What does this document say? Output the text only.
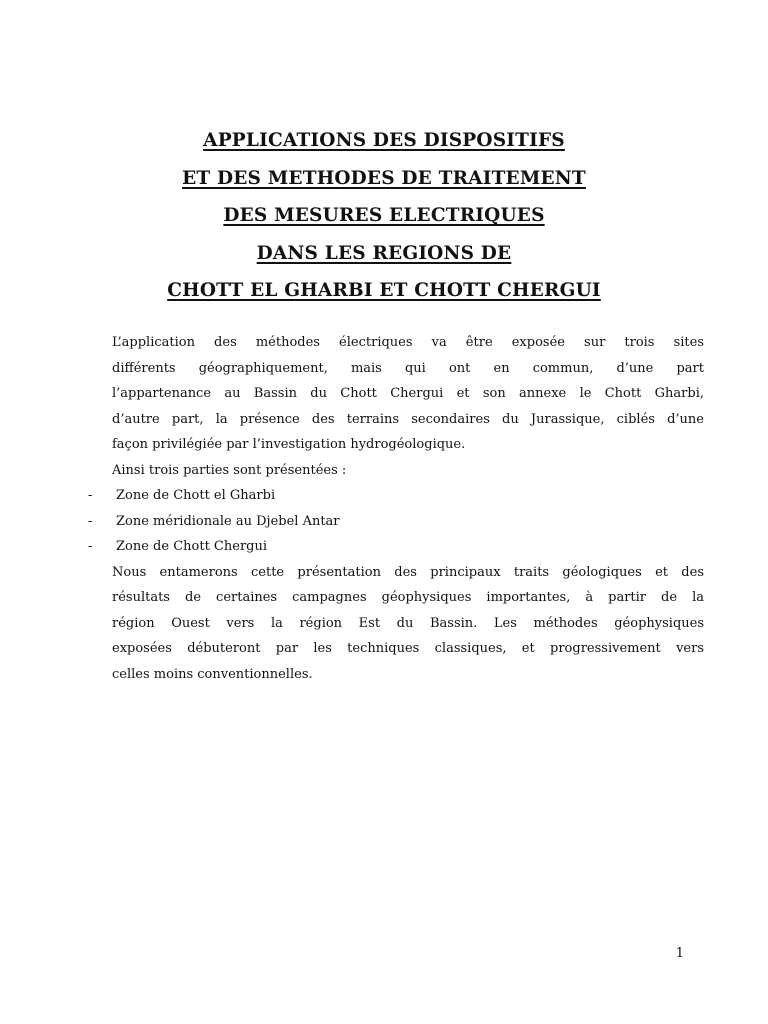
APPLICATIONS DES DISPOSITIFS
ET DES METHODES DE TRAITEMENT
DES MESURES ELECTRIQUES
DANS LES REGIONS DE
CHOTT EL GHARBI ET CHOTT CHERGUI
L’application des méthodes électriques va être exposée sur trois sites
différents géographiquement, mais qui ont en commun, d’une part
l’appartenance au Bassin du Chott Chergui et son annexe le Chott Gharbi,
d’autre part, la présence des terrains secondaires du Jurassique, ciblés d’une
façon privilégiée par l’investigation hydrogéologique.
Ainsi trois parties sont présentées :
- Zone de Chott el Gharbi
- Zone méridionale au Djebel Antar
- Zone de Chott Chergui
Nous entamerons cette présentation des principaux traits géologiques et des
résultats de certaines campagnes géophysiques importantes, à partir de la
région Ouest vers la région Est du Bassin. Les méthodes géophysiques
exposées débuteront par les techniques classiques, et progressivement vers
celles moins conventionnelles.
1
